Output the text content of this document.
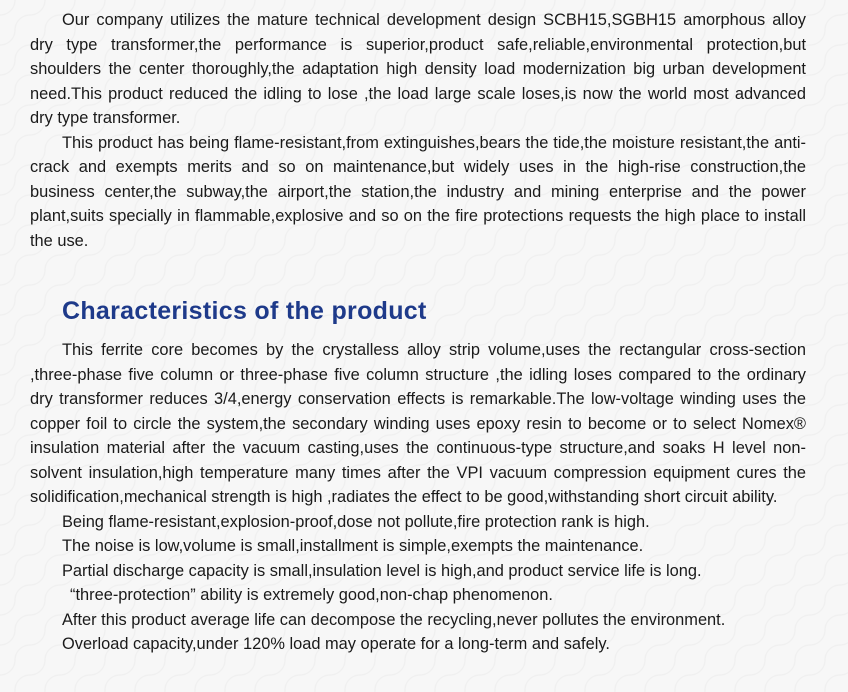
Our company utilizes the mature technical development design SCBH15,SGBH15 amorphous alloy dry type transformer,the performance is superior,product safe,reliable,environmental protection,but shoulders the center thoroughly,the adaptation high density load modernization big urban development need.This product reduced the idling to lose ,the load large scale loses,is now the world most advanced dry type transformer.

This product has being flame-resistant,from extinguishes,bears the tide,the moisture resistant,the anti-crack and exempts merits and so on maintenance,but widely uses in the high-rise construction,the business center,the subway,the airport,the station,the industry and mining enterprise and the power plant,suits specially in flammable,explosive and so on the fire protections requests the high place to install the use.

Characteristics of the product

This ferrite core becomes by the crystalless alloy strip volume,uses the rectangular cross-section ,three-phase five column or three-phase five column structure ,the idling loses compared to the ordinary dry transformer reduces 3/4,energy conservation effects is remarkable.The low-voltage winding uses the copper foil to circle the system,the secondary winding uses epoxy resin to become or to select Nomex® insulation material after the vacuum casting,uses the continuous-type structure,and soaks H level non-solvent insulation,high temperature many times after the VPI vacuum compression equipment cures the solidification,mechanical strength is high ,radiates the effect to be good,withstanding short circuit ability.

Being flame-resistant,explosion-proof,dose not pollute,fire protection rank is high.

The noise is low,volume is small,installment is simple,exempts the maintenance.

Partial discharge capacity is small,insulation level is high,and product service life is long.

“three-protection” ability is extremely good,non-chap phenomenon.

After this product average life can decompose the recycling,never pollutes the environment.

Overload capacity,under 120% load may operate for a long-term and safely.
